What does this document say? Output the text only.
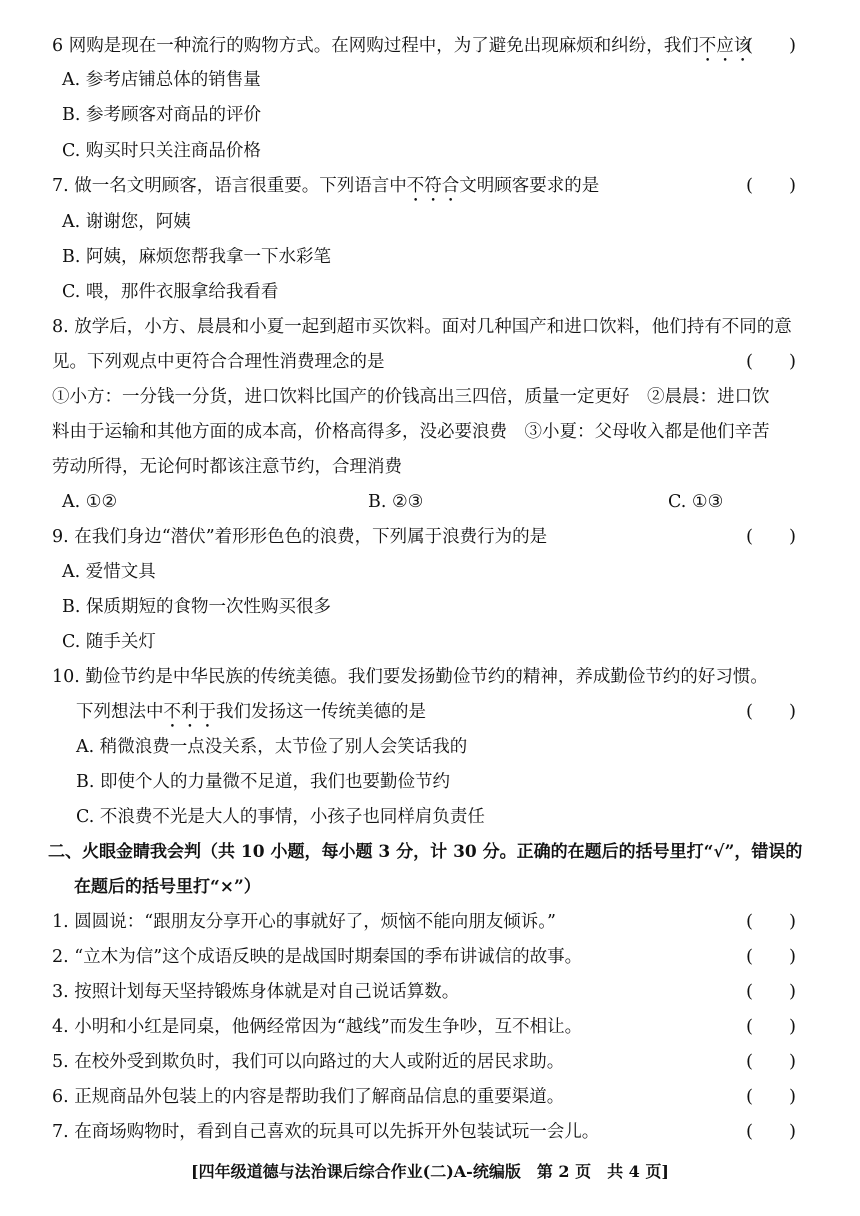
6 网购是现在一种流行的购物方式。在网购过程中，为了避免出现麻烦和纠纷，我们不应该
(　　)
A. 参考店铺总体的销售量
B. 参考顾客对商品的评价
C. 购买时只关注商品价格
7. 做一名文明顾客，语言很重要。下列语言中不符合文明顾客要求的是	(　　)
A. 谢谢您，阿姨
B. 阿姨，麻烦您帮我拿一下水彩笔
C. 喂，那件衣服拿给我看看
8. 放学后，小方、晨晨和小夏一起到超市买饮料。面对几种国产和进口饮料，他们持有不同的意
见。下列观点中更符合合理性消费理念的是	(　　)
①小方：一分钱一分货，进口饮料比国产的价钱高出三四倍，质量一定更好　②晨晨：进口饮
料由于运输和其他方面的成本高，价格高得多，没必要浪费　③小夏：父母收入都是他们辛苦
劳动所得，无论何时都该注意节约，合理消费
A. ①②	B. ②③	C. ①③
9. 在我们身边“潜伏”着形形色色的浪费，下列属于浪费行为的是	(　　)
A. 爱惜文具
B. 保质期短的食物一次性购买很多
C. 随手关灯
10. 勤俭节约是中华民族的传统美德。我们要发扬勤俭节约的精神，养成勤俭节约的好习惯。
下列想法中不利于我们发扬这一传统美德的是	(　　)
A. 稍微浪费一点没关系，太节俭了别人会笑话我的
B. 即使个人的力量微不足道，我们也要勤俭节约
C. 不浪费不光是大人的事情，小孩子也同样肩负责任
二、火眼金睛我会判（共 10 小题，每小题 3 分，计 30 分。正确的在题后的括号里打“√”，错误的
在题后的括号里打“×”）
1. 圆圆说：“跟朋友分享开心的事就好了，烦恼不能向朋友倾诉。”	(　　)
2. “立木为信”这个成语反映的是战国时期秦国的季布讲诚信的故事。	(　　)
3. 按照计划每天坚持锻炼身体就是对自己说话算数。	(　　)
4. 小明和小红是同桌，他俩经常因为“越线”而发生争吵，互不相让。	(　　)
5. 在校外受到欺负时，我们可以向路过的大人或附近的居民求助。	(　　)
6. 正规商品外包装上的内容是帮助我们了解商品信息的重要渠道。	(　　)
7. 在商场购物时，看到自己喜欢的玩具可以先拆开外包装试玩一会儿。	(　　)
[四年级道德与法治课后综合作业(二)A-统编版　第 2 页　共 4 页]
